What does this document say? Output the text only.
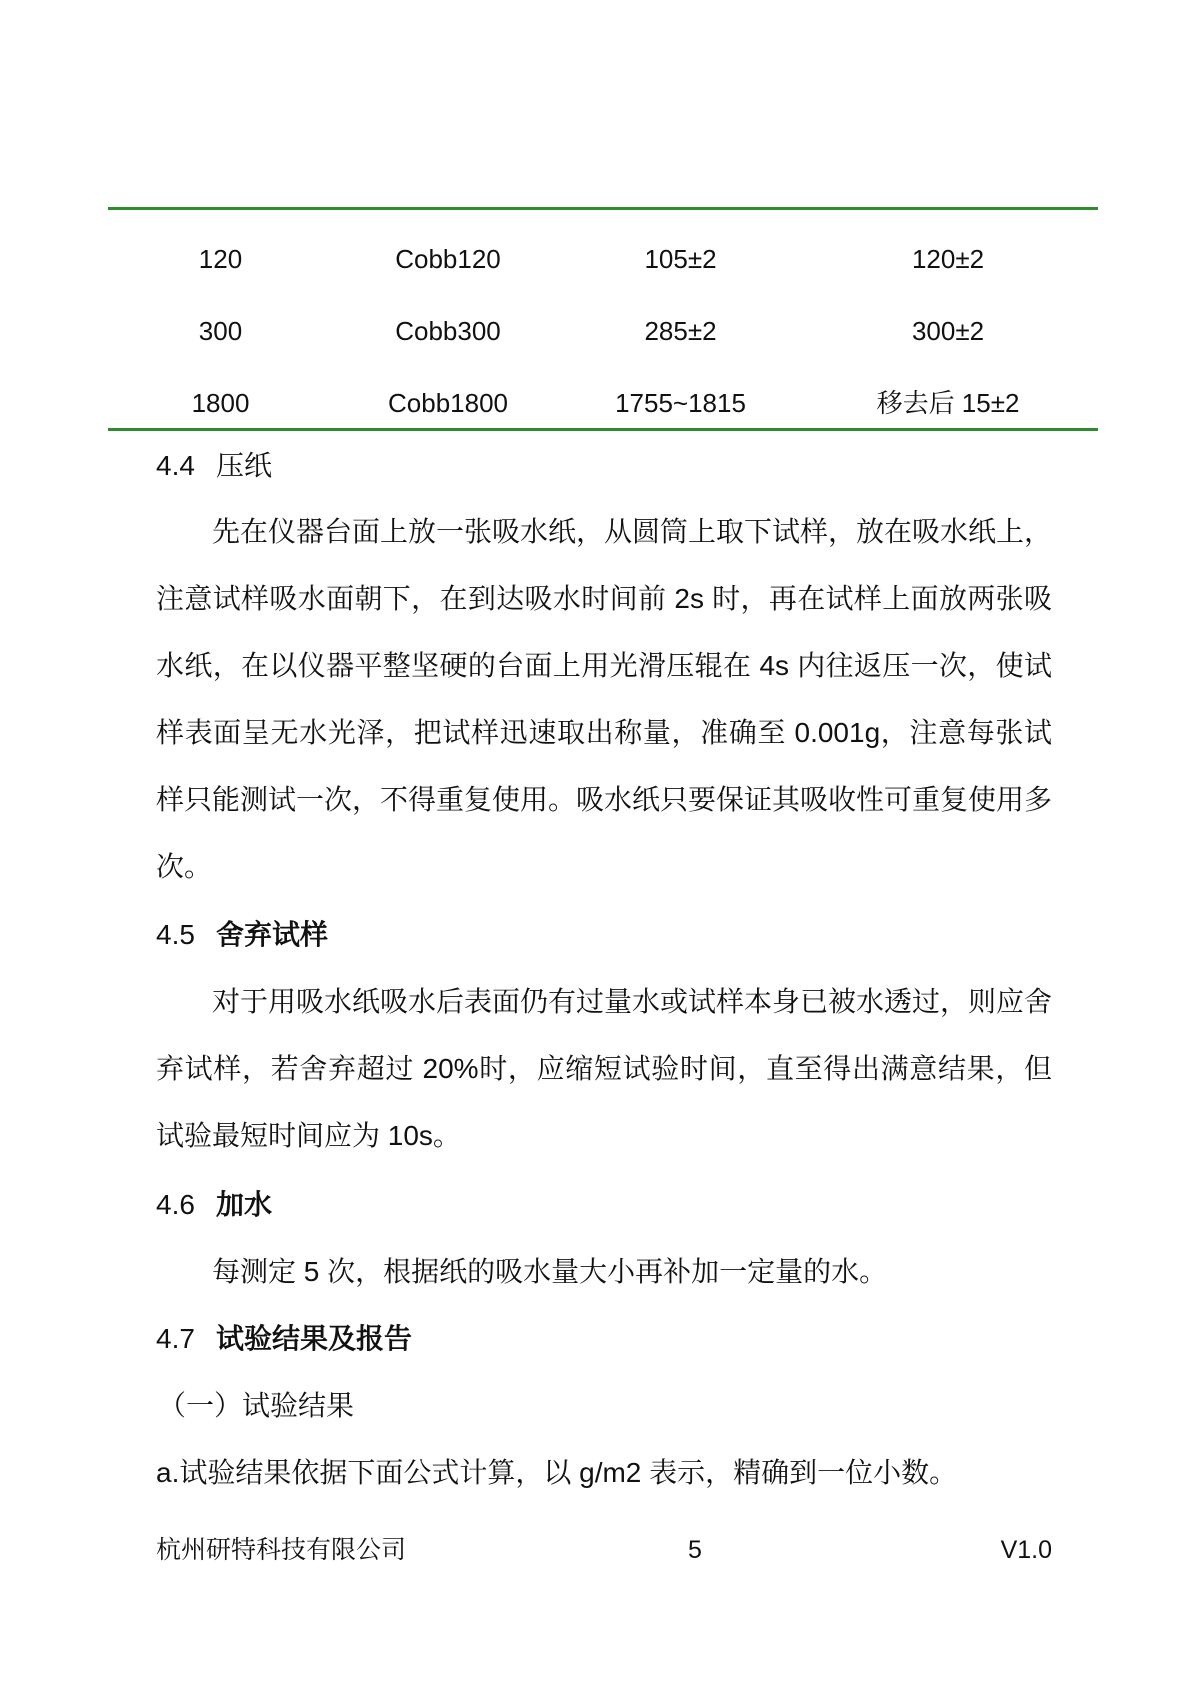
120	Cobb120	105±2	120±2
300	Cobb300	285±2	300±2
1800	Cobb1800	1755~1815	移去后 15±2
4.4 压纸

先在仪器台面上放一张吸水纸，从圆筒上取下试样，放在吸水纸上，注意试样吸水面朝下，在到达吸水时间前 2s 时，再在试样上面放两张吸水纸，在以仪器平整坚硬的台面上用光滑压辊在 4s 内往返压一次，使试样表面呈无水光泽，把试样迅速取出称量，准确至 0.001g，注意每张试样只能测试一次，不得重复使用。吸水纸只要保证其吸收性可重复使用多次。

4.5 舍弃试样

对于用吸水纸吸水后表面仍有过量水或试样本身已被水透过，则应舍弃试样，若舍弃超过 20%时，应缩短试验时间，直至得出满意结果，但试验最短时间应为 10s。

4.6 加水

每测定 5 次，根据纸的吸水量大小再补加一定量的水。

4.7 试验结果及报告
（一）试验结果
a.试验结果依据下面公式计算，以 g/m2 表示，精确到一位小数。
杭州研特科技有限公司	5	V1.0
